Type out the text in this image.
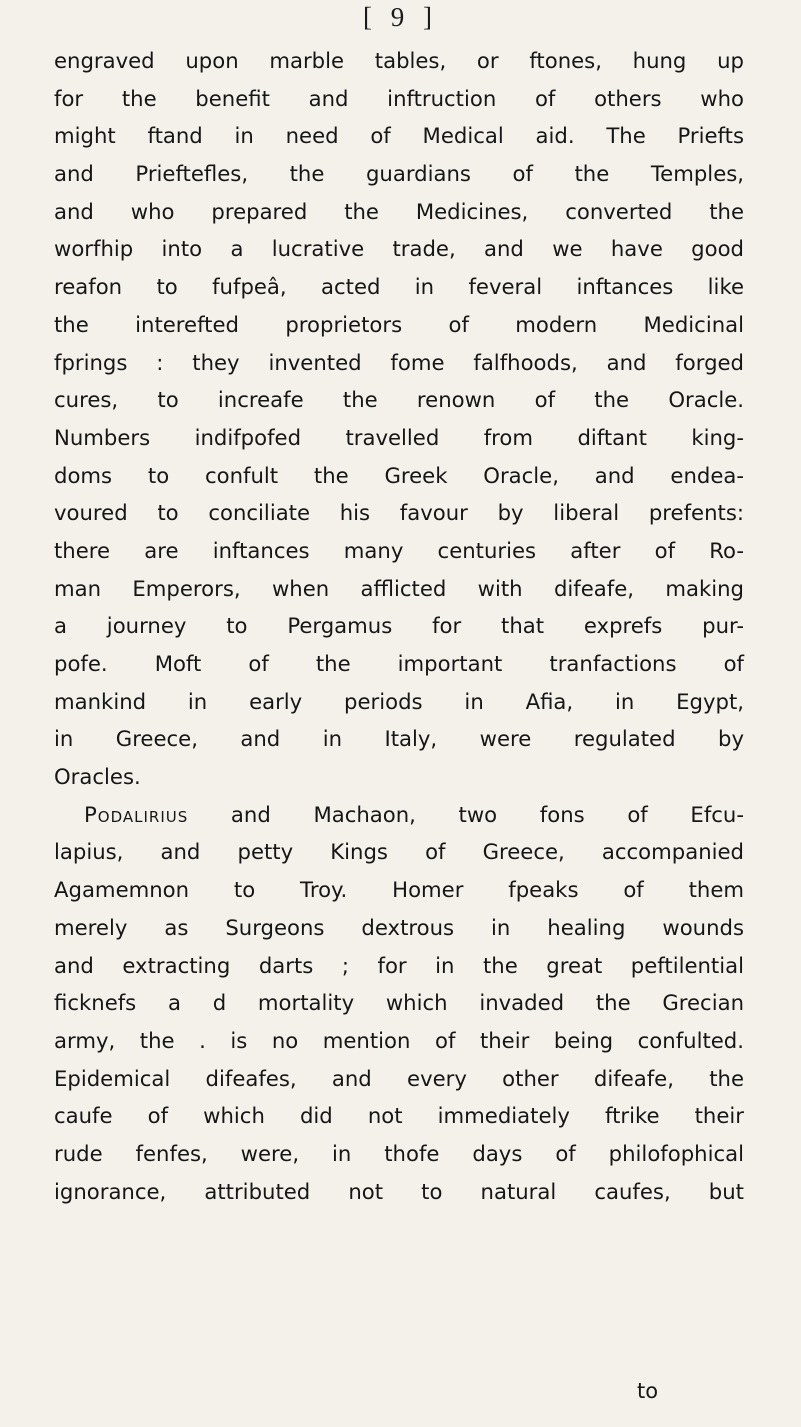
[ 9 ]
engraved upon marble tables, or ftones, hung up
for the benefit and inftruction of others who
might ftand in need of Medical aid. The Priefts
and Prieftefles, the guardians of the Temples,
and who prepared the Medicines, converted the
worfhip into a lucrative trade, and we have good
reafon to fufpeâ, acted in feveral inftances like
the interefted proprietors of modern Medicinal
fprings : they invented fome falfhoods, and forged
cures, to increafe the renown of the Oracle.
Numbers indifpofed travelled from diftant king-
doms to confult the Greek Oracle, and endea-
voured to conciliate his favour by liberal prefents:
there are inftances many centuries after of Ro-
man Emperors, when afflicted with difeafe, making
a journey to Pergamus for that exprefs pur-
pofe. Moft of the important tranfactions of
mankind in early periods in Afia, in Egypt,
in Greece, and in Italy, were regulated by
Oracles.
Podalirius and Machaon, two fons of Efcu-
lapius, and petty Kings of Greece, accompanied
Agamemnon to Troy. Homer fpeaks of them
merely as Surgeons dextrous in healing wounds
and extracting darts ; for in the great peftilential
ficknefs a d mortality which invaded the Grecian
army, the . is no mention of their being confulted.
Epidemical difeafes, and every other difeafe, the
caufe of which did not immediately ftrike their
rude fenfes, were, in thofe days of philofophical
ignorance, attributed not to natural caufes, but
to
